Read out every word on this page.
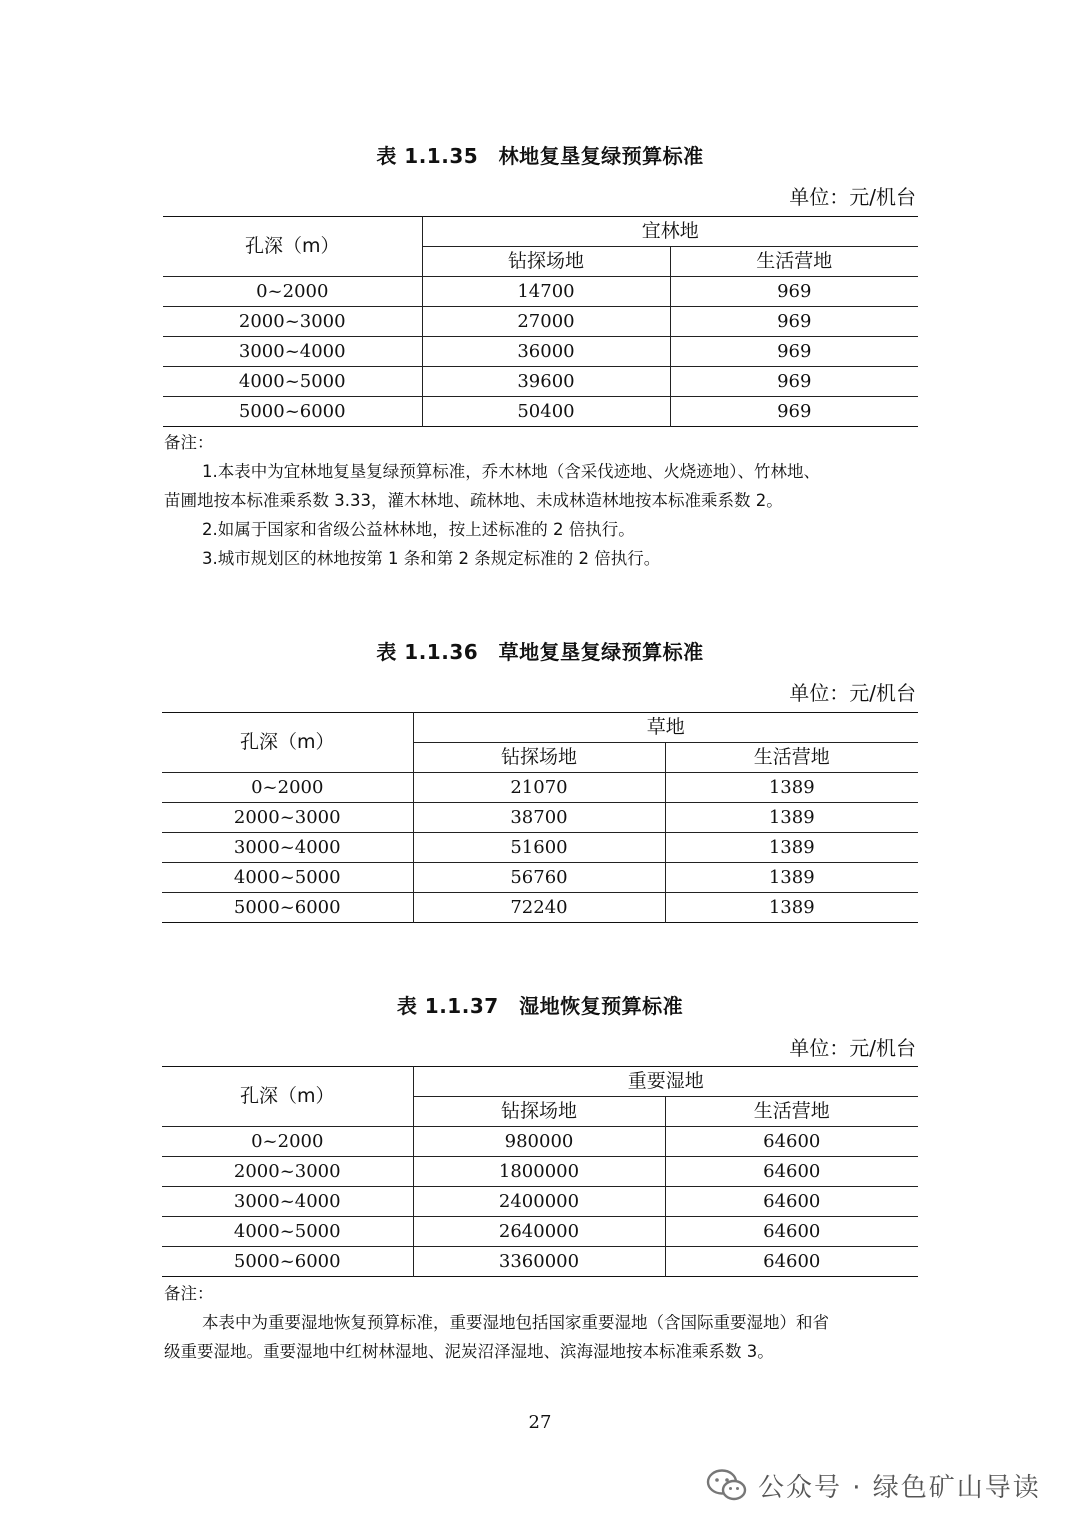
表 1.1.35　林地复垦复绿预算标准
单位：元/机台
孔深（m）	宜林地	
	钻探场地	生活营地
0~2000	14700	969
2000~3000	27000	969
3000~4000	36000	969
4000~5000	39600	969
5000~6000	50400	969

备注：

1.本表中为宜林地复垦复绿预算标准，乔木林地（含采伐迹地、火烧迹地）、竹林地、

苗圃地按本标准乘系数 3.33，灌木林地、疏林地、未成林造林地按本标准乘系数 2。

2.如属于国家和省级公益林林地，按上述标准的 2 倍执行。

3.城市规划区的林地按第 1 条和第 2 条规定标准的 2 倍执行。

表 1.1.36　草地复垦复绿预算标准
单位：元/机台
孔深（m）	草地	
	钻探场地	生活营地
0~2000	21070	1389
2000~3000	38700	1389
3000~4000	51600	1389
4000~5000	56760	1389
5000~6000	72240	1389
表 1.1.37　湿地恢复预算标准
单位：元/机台
孔深（m）	重要湿地	
	钻探场地	生活营地
0~2000	980000	64600
2000~3000	1800000	64600
3000~4000	2400000	64600
4000~5000	2640000	64600
5000~6000	3360000	64600

备注：

本表中为重要湿地恢复预算标准，重要湿地包括国家重要湿地（含国际重要湿地）和省

级重要湿地。重要湿地中红树林湿地、泥炭沼泽湿地、滨海湿地按本标准乘系数 3。

27
公众号 · 绿色矿山导读
